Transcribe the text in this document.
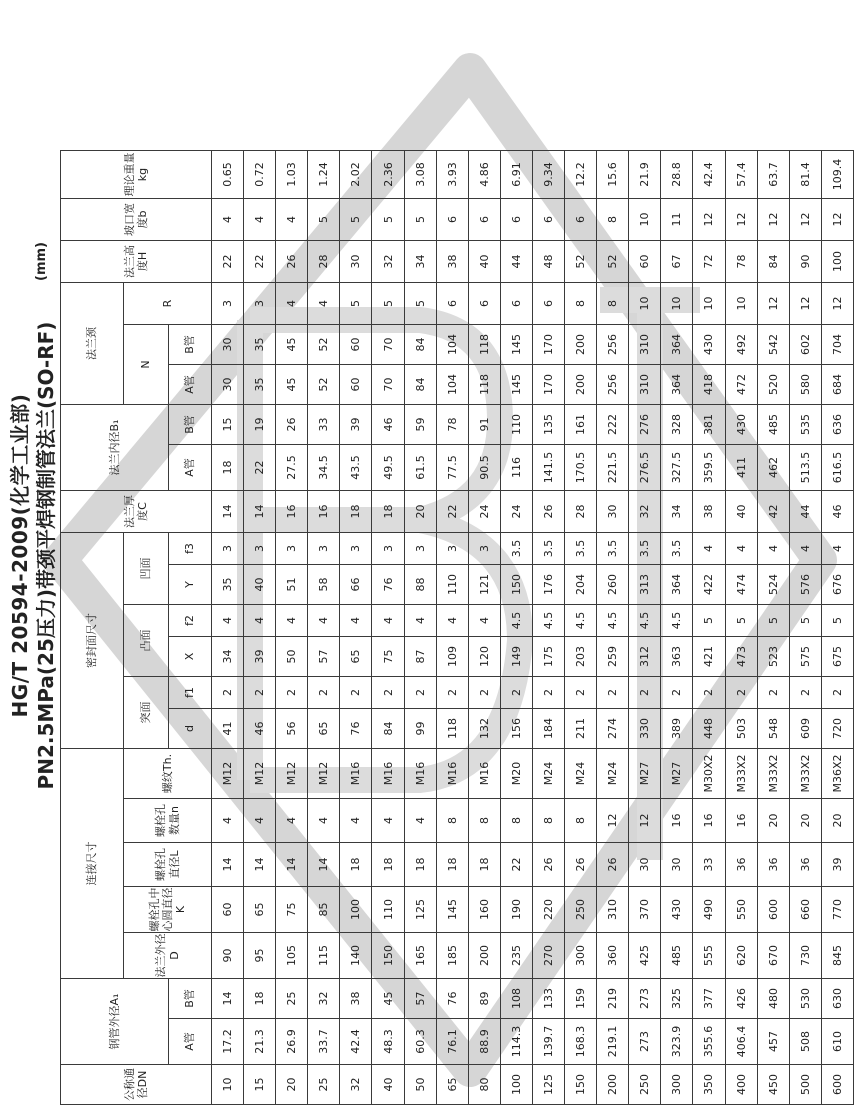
HG/T 20594-2009(化学工业部) PN2.5MPa(25压力)带颈平焊钢制管法兰(SO-RF)
(mm)
公称通径DN	钢管外径A₁		连接尺寸					密封面尺寸						法兰厚度C	法兰内径B₁		法兰颈			法兰高度H	坡口宽度b	理论重量kg
			法兰外径D	螺栓孔中心圆直径K	螺栓孔直径L	螺栓孔数量n	螺纹Th.	突面		凸面		凹面					N		R			
	A管	B管						d	f1	X	f2	Y	f3		A管	B管	A管	B管				
10	17.2	14	90	60	14	4	M12	41	2	34	4	35	3	14	18	15	30	30	3	22	4	0.65
15	21.3	18	95	65	14	4	M12	46	2	39	4	40	3	14	22	19	35	35	3	22	4	0.72
20	26.9	25	105	75	14	4	M12	56	2	50	4	51	3	16	27.5	26	45	45	4	26	4	1.03
25	33.7	32	115	85	14	4	M12	65	2	57	4	58	3	16	34.5	33	52	52	4	28	5	1.24
32	42.4	38	140	100	18	4	M16	76	2	65	4	66	3	18	43.5	39	60	60	5	30	5	2.02
40	48.3	45	150	110	18	4	M16	84	2	75	4	76	3	18	49.5	46	70	70	5	32	5	2.36
50	60.3	57	165	125	18	4	M16	99	2	87	4	88	3	20	61.5	59	84	84	5	34	5	3.08
65	76.1	76	185	145	18	8	M16	118	2	109	4	110	3	22	77.5	78	104	104	6	38	6	3.93
80	88.9	89	200	160	18	8	M16	132	2	120	4	121	3	24	90.5	91	118	118	6	40	6	4.86
100	114.3	108	235	190	22	8	M20	156	2	149	4.5	150	3.5	24	116	110	145	145	6	44	6	6.91
125	139.7	133	270	220	26	8	M24	184	2	175	4.5	176	3.5	26	141.5	135	170	170	6	48	6	9.34
150	168.3	159	300	250	26	8	M24	211	2	203	4.5	204	3.5	28	170.5	161	200	200	8	52	6	12.2
200	219.1	219	360	310	26	12	M24	274	2	259	4.5	260	3.5	30	221.5	222	256	256	8	52	8	15.6
250	273	273	425	370	30	12	M27	330	2	312	4.5	313	3.5	32	276.5	276	310	310	10	60	10	21.9
300	323.9	325	485	430	30	16	M27	389	2	363	4.5	364	3.5	34	327.5	328	364	364	10	67	11	28.8
350	355.6	377	555	490	33	16	M30X2	448	2	421	5	422	4	38	359.5	381	418	430	10	72	12	42.4
400	406.4	426	620	550	36	16	M33X2	503	2	473	5	474	4	40	411	430	472	492	10	78	12	57.4
450	457	480	670	600	36	20	M33X2	548	2	523	5	524	4	42	462	485	520	542	12	84	12	63.7
500	508	530	730	660	36	20	M33X2	609	2	575	5	576	4	44	513.5	535	580	602	12	90	12	81.4
600	610	630	845	770	39	20	M36X2	720	2	675	5	676	4	46	616.5	636	684	704	12	100	12	109.4
